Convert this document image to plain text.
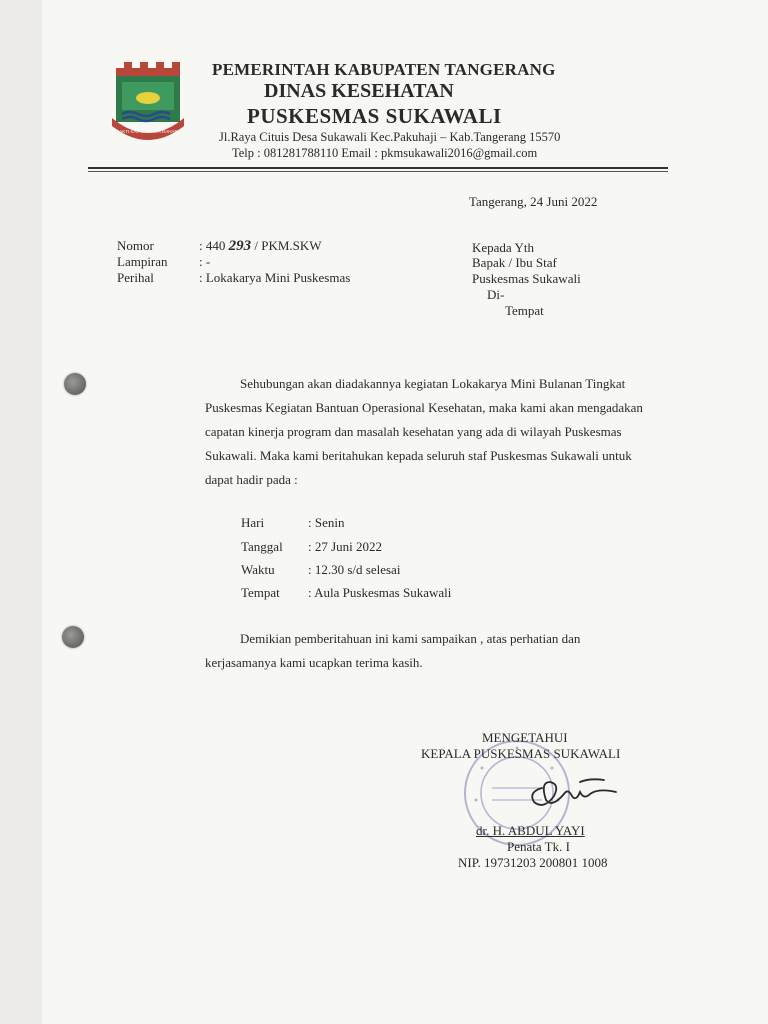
BHAKTI KARYA KERTA RAHARJA
PEMERINTAH KABUPATEN TANGERANG
DINAS KESEHATAN
PUSKESMAS SUKAWALI
Jl.Raya Cituis Desa Sukawali Kec.Pakuhaji – Kab.Tangerang 15570
Telp : 081281788110 Email : pkmsukawali2016@gmail.com
Tangerang, 24 Juni 2022
Nomor	: 440 293 / PKM.SKW
Lampiran : -
Perihal	: Lokakarya Mini Puskesmas
Kepada Yth
Bapak / Ibu Staf
Puskesmas Sukawali
Di-
Tempat
Sehubungan akan diadakannya kegiatan Lokakarya Mini Bulanan Tingkat
Puskesmas Kegiatan Bantuan Operasional Kesehatan, maka kami akan mengadakan
capatan kinerja program dan masalah kesehatan yang ada di wilayah Puskesmas
Sukawali. Maka kami beritahukan kepada seluruh staf Puskesmas Sukawali untuk
dapat hadir pada :
Hari	: Senin
Tanggal : 27 Juni 2022
Waktu	: 12.30 s/d selesai
Tempat : Aula Puskesmas Sukawali
Demikian pemberitahuan ini kami sampaikan , atas perhatian dan
kerjasamanya kami ucapkan terima kasih.
MENGETAHUI
KEPALA PUSKESMAS SUKAWALI
dr. H. ABDUL YAYI
Penata Tk. I
NIP. 19731203 200801 1008
